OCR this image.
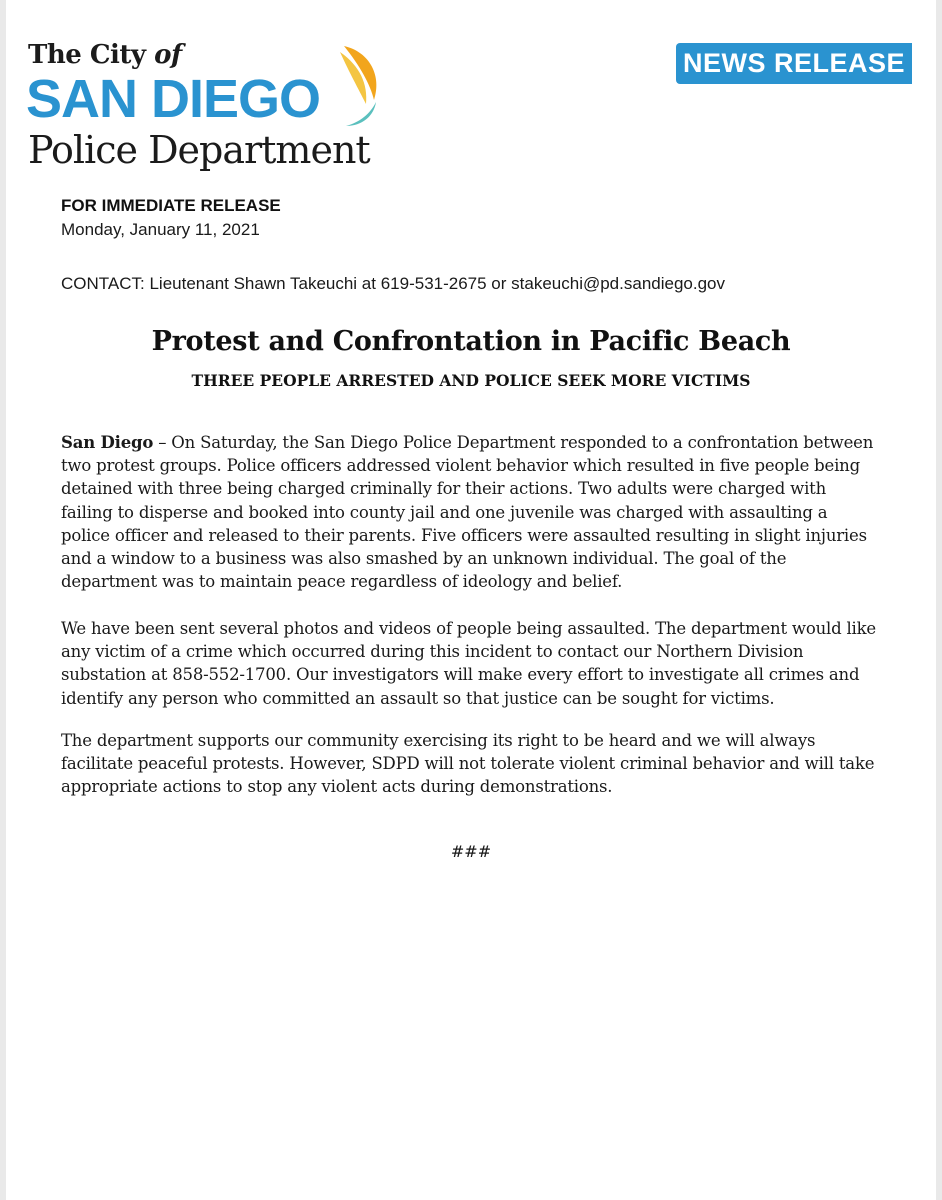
The City of
SAN DIEGO
Police Department
NEWS RELEASE
FOR IMMEDIATE RELEASE
Monday, January 11, 2021
CONTACT: Lieutenant Shawn Takeuchi at 619-531-2675 or stakeuchi@pd.sandiego.gov
Protest and Confrontation in Pacific Beach
THREE PEOPLE ARRESTED AND POLICE SEEK MORE VICTIMS
San Diego – On Saturday, the San Diego Police Department responded to a confrontation between two protest groups. Police officers addressed violent behavior which resulted in five people being detained with three being charged criminally for their actions. Two adults were charged with failing to disperse and booked into county jail and one juvenile was charged with assaulting a police officer and released to their parents. Five officers were assaulted resulting in slight injuries and a window to a business was also smashed by an unknown individual. The goal of the department was to maintain peace regardless of ideology and belief.
We have been sent several photos and videos of people being assaulted. The department would like any victim of a crime which occurred during this incident to contact our Northern Division substation at 858-552-1700. Our investigators will make every effort to investigate all crimes and identify any person who committed an assault so that justice can be sought for victims.
The department supports our community exercising its right to be heard and we will always facilitate peaceful protests. However, SDPD will not tolerate violent criminal behavior and will take appropriate actions to stop any violent acts during demonstrations.
###
